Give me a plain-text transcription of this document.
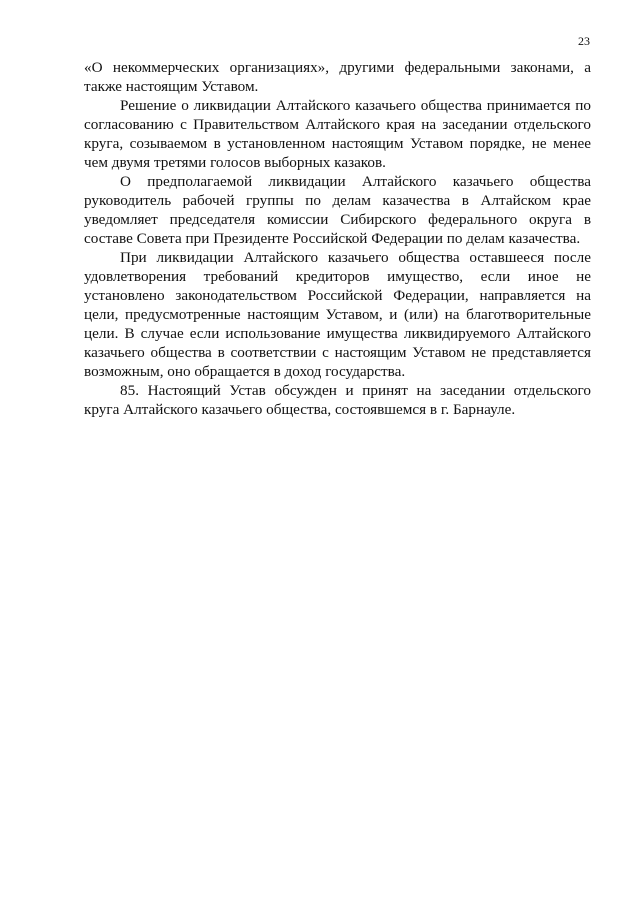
23

«О некоммерческих организациях», другими федеральными законами, а также настоящим Уставом.

Решение о ликвидации Алтайского казачьего общества принимается по согласованию с Правительством Алтайского края на заседании отдельского круга, созываемом в установленном настоящим Уставом порядке, не менее чем двумя третями голосов выборных казаков.

О предполагаемой ликвидации Алтайского казачьего общества руководитель рабочей группы по делам казачества в Алтайском крае уведомляет председателя комиссии Сибирского федерального округа в составе Совета при Президенте Российской Федерации по делам казачества.

При ликвидации Алтайского казачьего общества оставшееся после удовлетворения требований кредиторов имущество, если иное не установлено законодательством Российской Федерации, направляется на цели, предусмотренные настоящим Уставом, и (или) на благотворительные цели. В случае если использование имущества ликвидируемого Алтайского казачьего общества в соответствии с настоящим Уставом не представляется возможным, оно обращается в доход государства.

85. Настоящий Устав обсужден и принят на заседании отдельского круга Алтайского казачьего общества, состоявшемся в г. Барнауле.
